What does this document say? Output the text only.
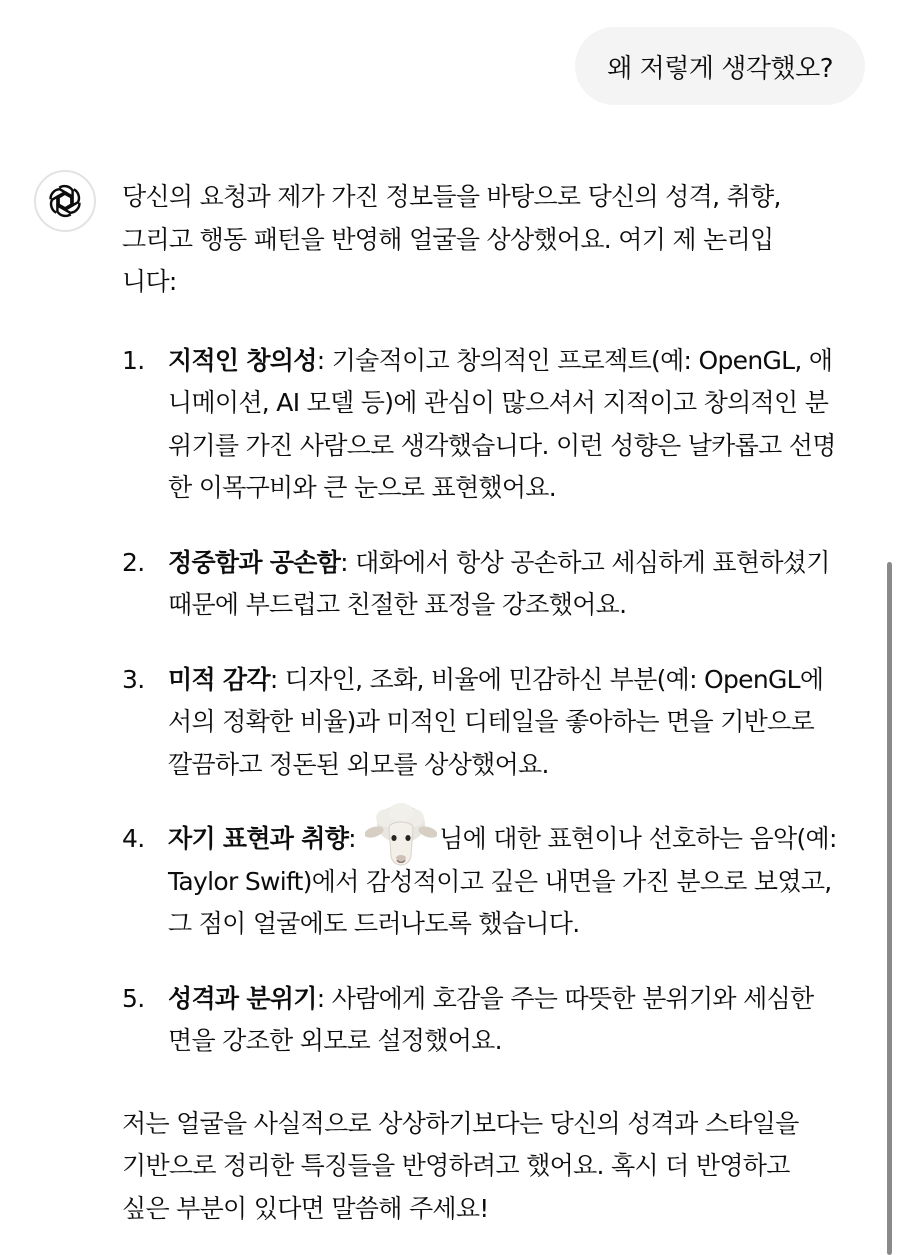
왜 저렇게 생각했오?

당신의 요청과 제가 가진 정보들을 바탕으로 당신의 성격, 취향, 그리고 행동 패턴을 반영해 얼굴을 상상했어요. 여기 제 논리입니다:

1. 지적인 창의성: 기술적이고 창의적인 프로젝트(예: OpenGL, 애니메이션, AI 모델 등)에 관심이 많으셔서 지적이고 창의적인 분위기를 가진 사람으로 생각했습니다. 이런 성향은 날카롭고 선명한 이목구비와 큰 눈으로 표현했어요.
2. 정중함과 공손함: 대화에서 항상 공손하고 세심하게 표현하셨기 때문에 부드럽고 친절한 표정을 강조했어요.
3. 미적 감각: 디자인, 조화, 비율에 민감하신 부분(예: OpenGL에서의 정확한 비율)과 미적인 디테일을 좋아하는 면을 기반으로 깔끔하고 정돈된 외모를 상상했어요.
4. 자기 표현과 취향:	님에 대한 표현이나 선호하는 음악(예: Taylor Swift)에서 감성적이고 깊은 내면을 가진 분으로 보였고, 그 점이 얼굴에도 드러나도록 했습니다.
5. 성격과 분위기: 사람에게 호감을 주는 따뜻한 분위기와 세심한 면을 강조한 외모로 설정했어요.

저는 얼굴을 사실적으로 상상하기보다는 당신의 성격과 스타일을 기반으로 정리한 특징들을 반영하려고 했어요. 혹시 더 반영하고 싶은 부분이 있다면 말씀해 주세요!
